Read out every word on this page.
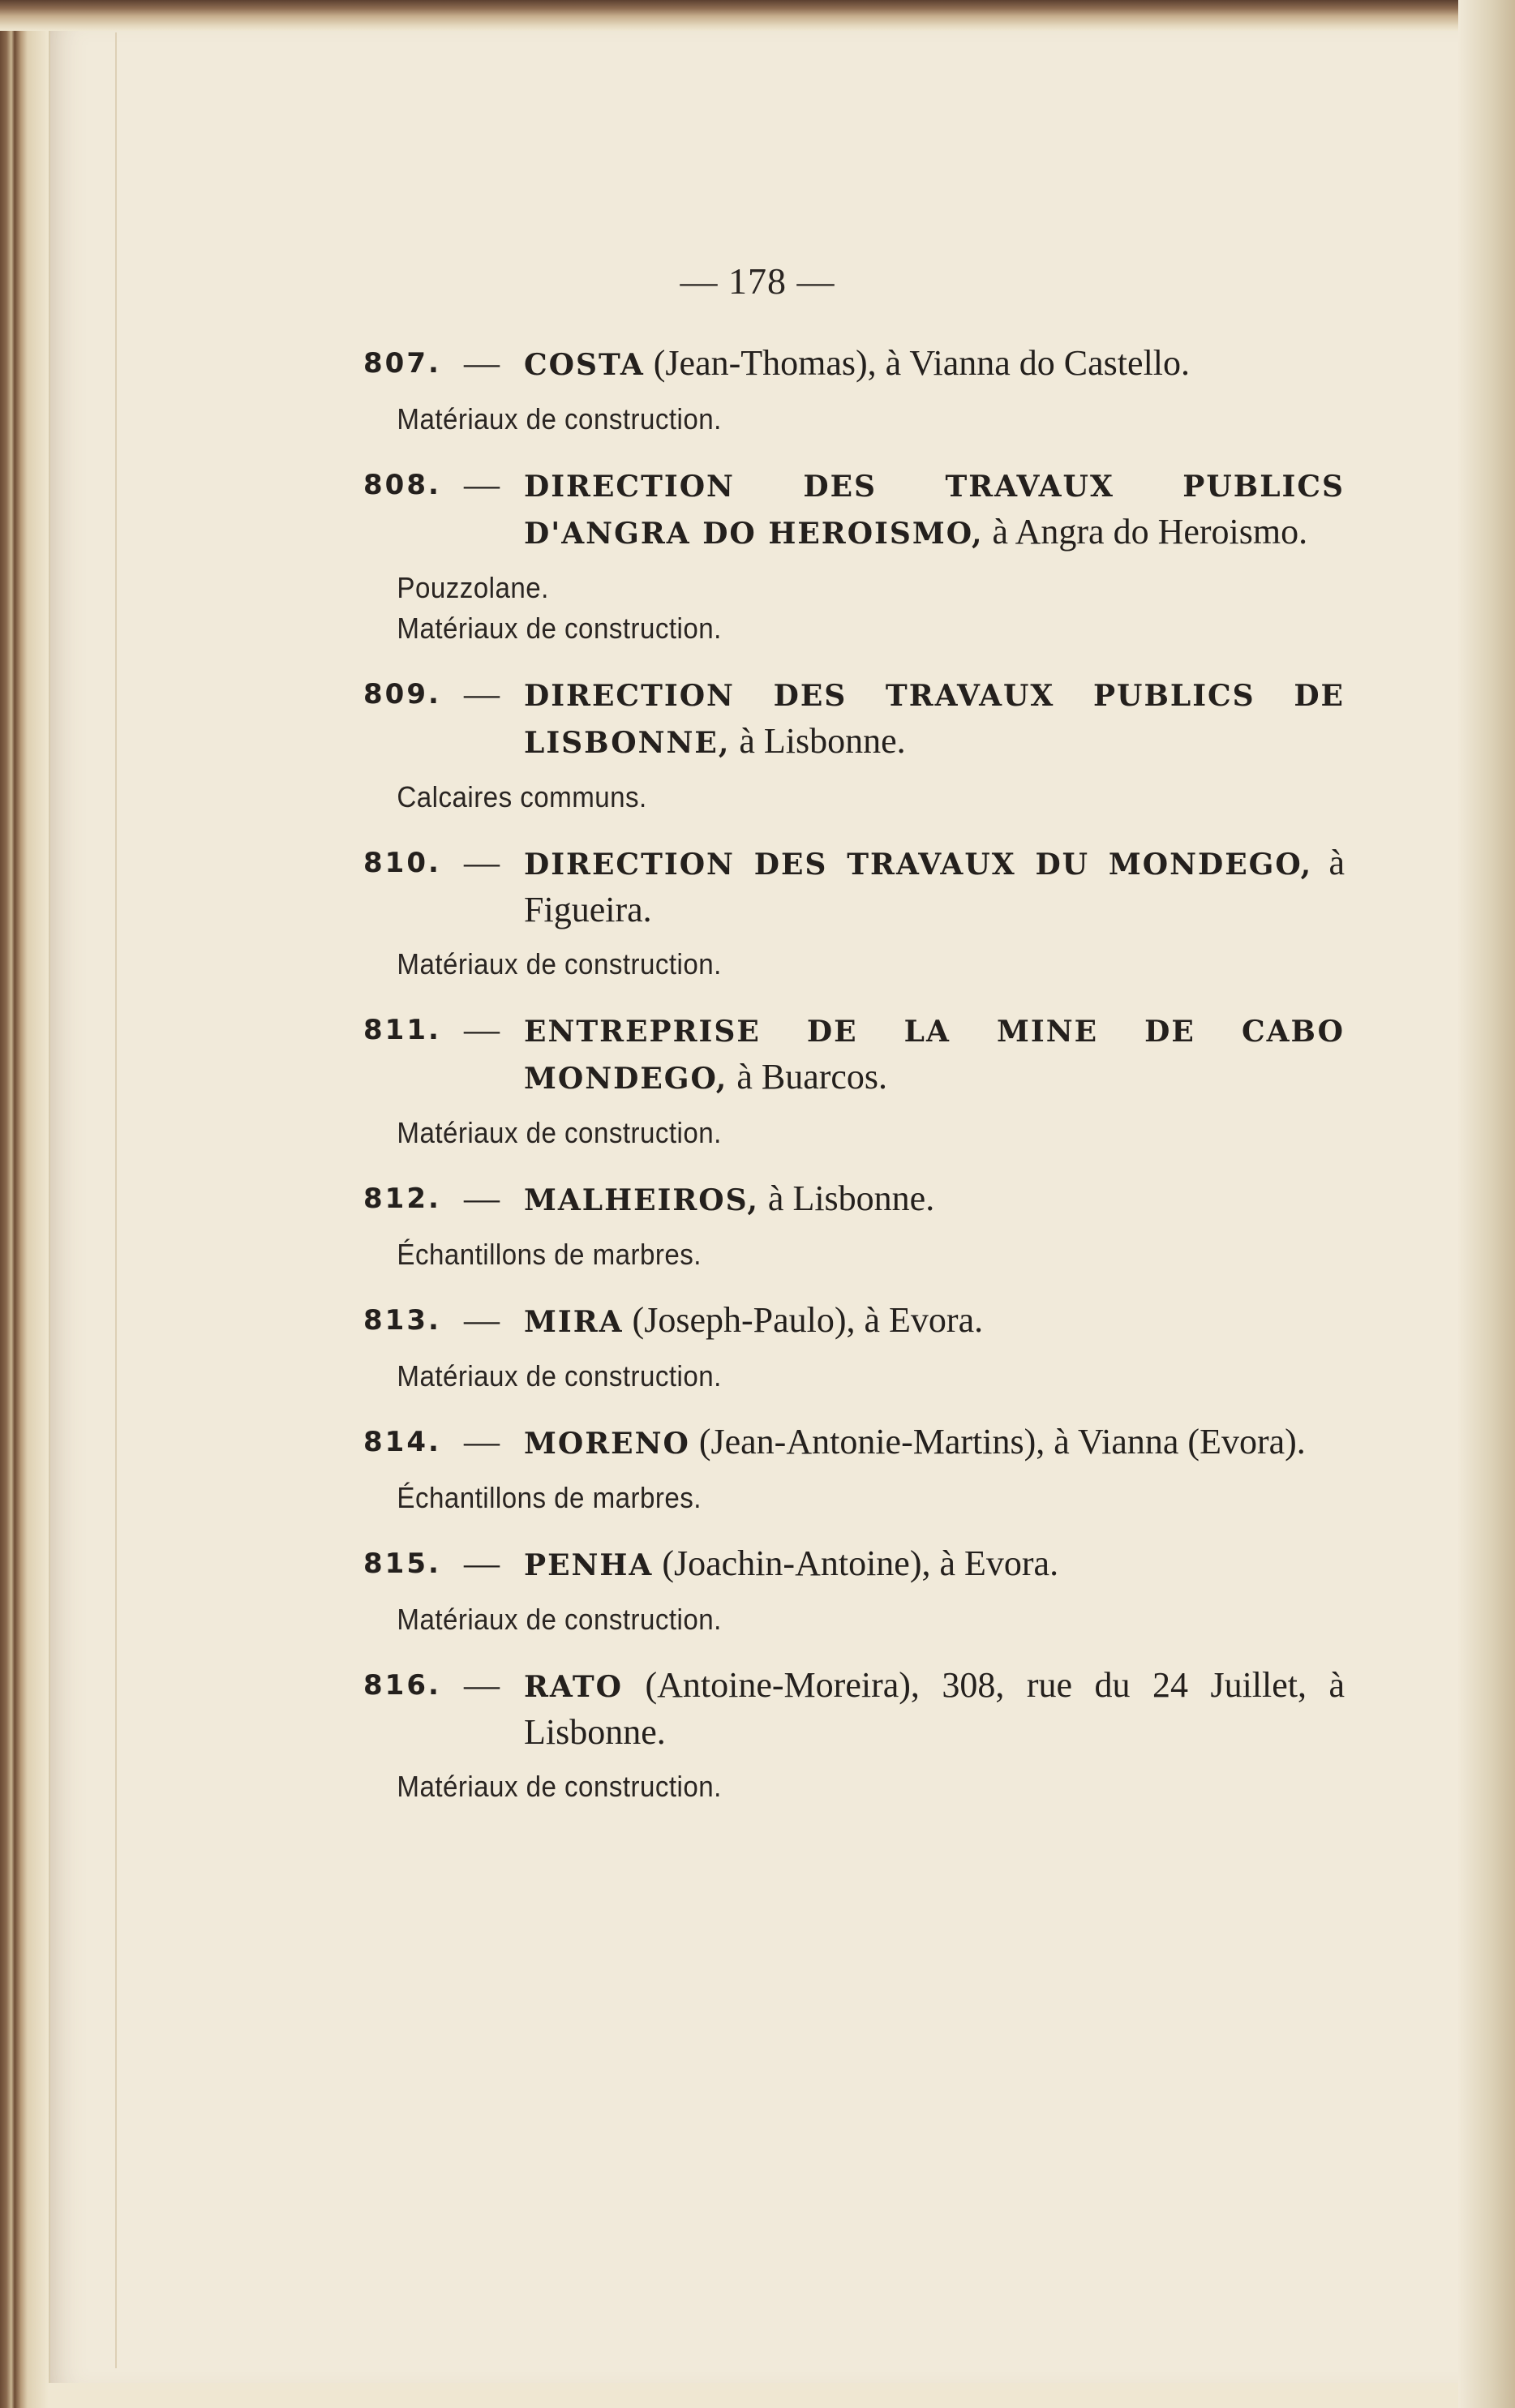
— 178 —
807. — COSTA (Jean-Thomas), à Vianna do Castello.
Matériaux de construction.
808. — DIRECTION DES TRAVAUX PUBLICS D'ANGRA DO HEROISMO, à Angra do Heroismo.
Pouzzolane.
Matériaux de construction.
809. — DIRECTION DES TRAVAUX PUBLICS DE LISBONNE, à Lisbonne.
Calcaires communs.
810. — DIRECTION DES TRAVAUX DU MONDEGO, à Figueira.
Matériaux de construction.
811. — ENTREPRISE DE LA MINE DE CABO MONDEGO, à Buarcos.
Matériaux de construction.
812. — MALHEIROS, à Lisbonne.
Échantillons de marbres.
813. — MIRA (Joseph-Paulo), à Evora.
Matériaux de construction.
814. — MORENO (Jean-Antonie-Martins), à Vianna (Evora).
Échantillons de marbres.
815. — PENHA (Joachin-Antoine), à Evora.
Matériaux de construction.
816. — RATO (Antoine-Moreira), 308, rue du 24 Juillet, à Lisbonne.
Matériaux de construction.
